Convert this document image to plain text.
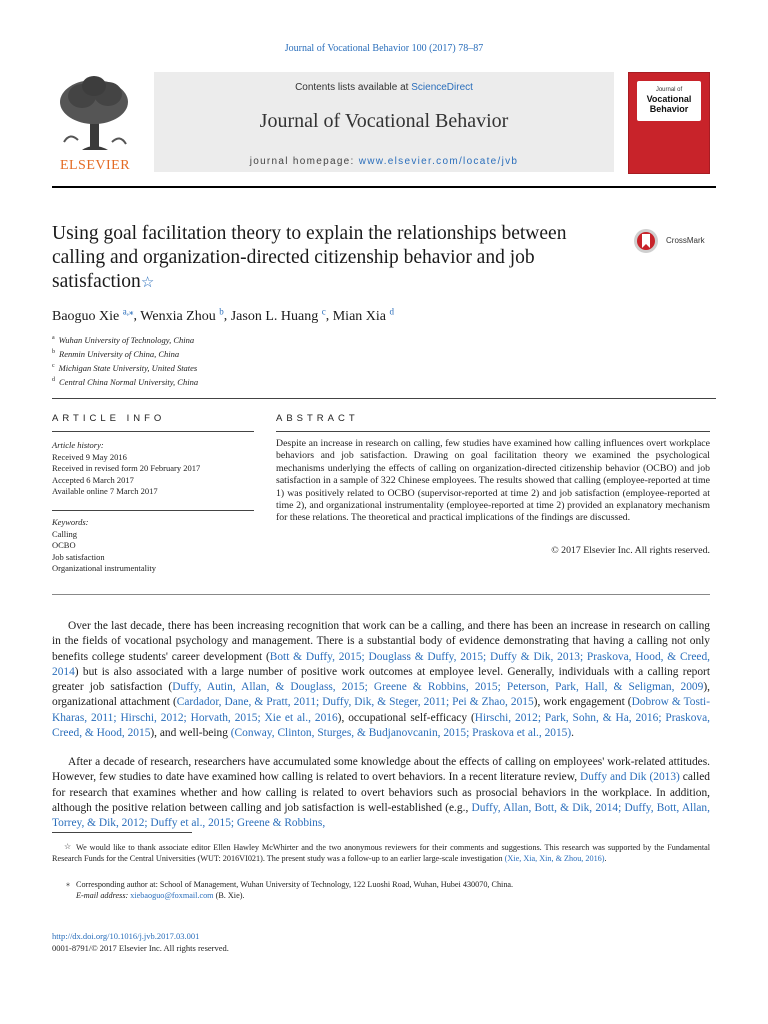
Journal of Vocational Behavior 100 (2017) 78–87
ELSEVIER
Contents lists available at ScienceDirect
Journal of Vocational Behavior
journal homepage: www.elsevier.com/locate/jvb
Journal of
Vocational
Behavior
Using goal facilitation theory to explain the relationships between calling and organization-directed citizenship behavior and job satisfaction☆
CrossMark
Baoguo Xie $^{a,⁎}$, Wenxia Zhou $^b$, Jason L. Huang $^c$, Mian Xia $^d$
$^a$ Wuhan University of Technology, China
$^b$ Renmin University of China, China
$^c$ Michigan State University, United States
$^d$ Central China Normal University, China
ARTICLE INFO	ABSTRACT
Article history:
Received 9 May 2016
Received in revised form 20 February 2017
Accepted 6 March 2017
Available online 7 March 2017
Keywords:
Calling
OCBO
Job satisfaction
Organizational instrumentality
Despite an increase in research on calling, few studies have examined how calling influences overt workplace behaviors and job satisfaction. Drawing on goal facilitation theory we examined the psychological mechanisms underlying the effects of calling on organization-directed citizenship behavior (OCBO) and job satisfaction in a sample of 322 Chinese employees. The results showed that calling (employee-reported at time 1) was positively related to OCBO (supervisor-reported at time 2) and job satisfaction (employee-reported at time 2), and organizational instrumentality (employee-reported at time 2) provided an explanatory mechanism for these relations. The theoretical and practical implications of the findings are discussed.
© 2017 Elsevier Inc. All rights reserved.
Over the last decade, there has been increasing recognition that work can be a calling, and there has been an increase in research on calling in the fields of vocational psychology and management. There is a substantial body of evidence demonstrating that having a calling not only benefits college students' career development (Bott & Duffy, 2015; Douglass & Duffy, 2015; Duffy & Dik, 2013; Praskova, Hood, & Creed, 2014) but is also associated with a large number of positive work outcomes at employee level. Generally, individuals with a calling report greater job satisfaction (Duffy, Autin, Allan, & Douglass, 2015; Greene & Robbins, 2015; Peterson, Park, Hall, & Seligman, 2009), organizational attachment (Cardador, Dane, & Pratt, 2011; Duffy, Dik, & Steger, 2011; Pei & Zhao, 2015), work engagement (Dobrow & Tosti-Kharas, 2011; Hirschi, 2012; Horvath, 2015; Xie et al., 2016), occupational self-efficacy (Hirschi, 2012; Park, Sohn, & Ha, 2016; Praskova, Creed, & Hood, 2015), and well-being (Conway, Clinton, Sturges, & Budjanovcanin, 2015; Praskova et al., 2015).
After a decade of research, researchers have accumulated some knowledge about the effects of calling on employees' work-related attitudes. However, few studies to date have examined how calling is related to overt behaviors. In a recent literature review, Duffy and Dik (2013) called for research that examines whether and how calling is related to overt behaviors such as prosocial behaviors in the workplace. In addition, although the positive relation between calling and job satisfaction is well-established (e.g., Duffy, Allan, Bott, & Dik, 2014; Duffy, Bott, Allan, Torrey, & Dik, 2012; Duffy et al., 2015; Greene & Robbins,
☆ We would like to thank associate editor Ellen Hawley McWhirter and the two anonymous reviewers for their comments and suggestions. This research was supported by the Fundamental Research Funds for the Central Universities (WUT: 2016VI021). The present study was a follow-up to an earlier large-scale investigation (Xie, Xia, Xin, & Zhou, 2016).
⁎ Corresponding author at: School of Management, Wuhan University of Technology, 122 Luoshi Road, Wuhan, Hubei 430070, China.
E-mail address: xiebaoguo@foxmail.com (B. Xie).
http://dx.doi.org/10.1016/j.jvb.2017.03.001
0001-8791/© 2017 Elsevier Inc. All rights reserved.
